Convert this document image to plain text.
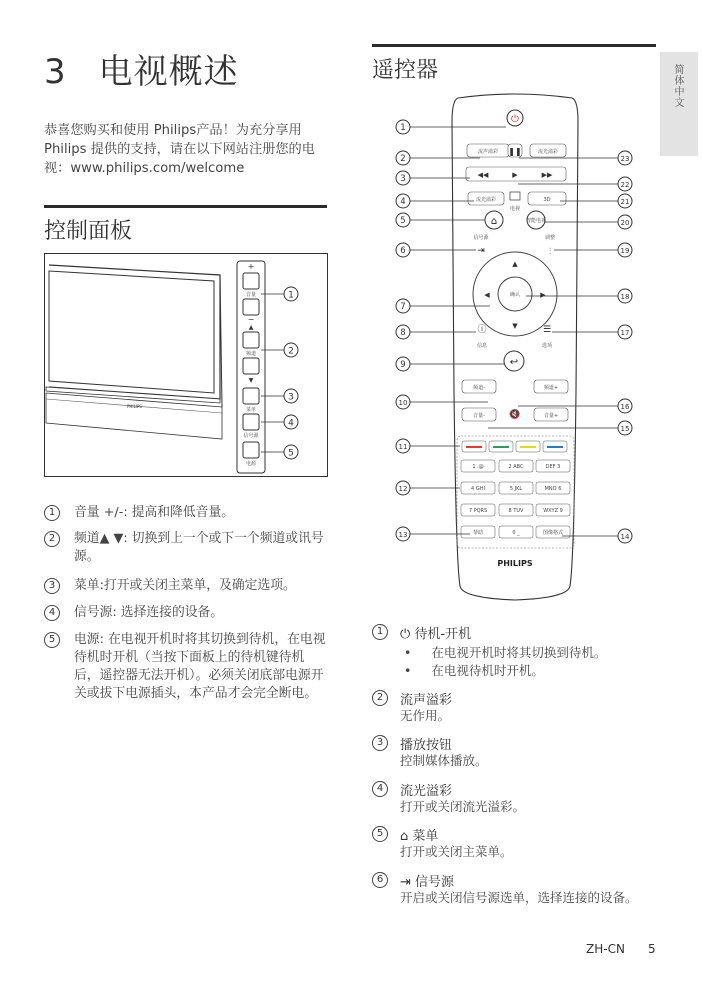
3 电视概述
恭喜您购买和使用 Philips产品！为充分享用Philips 提供的支持，请在以下网站注册您的电视：www.philips.com/welcome
简体中文
控制面板
PHILIPS
+
音量
−
▲
频道
▼
菜单
信号源
电源
1
2
3
4
5
1	音量 +/-: 提高和降低音量。
2	频道▲ ▼: 切换到上一个或下一个频道或讯号源。
3	菜单:打开或关闭主菜单，及确定选项。
4	信号源: 选择连接的设备。
5	电源: 在电视开机时将其切换到待机，在电视待机时开机（当按下面板上的待机键待机后，遥控器无法开机）。必须关闭底部电源开关或拔下电源插头，本产品才会完全断电。
遥控器
⏻
流声溢彩 ❚❚	流光溢彩
◀◀	▶	▶▶
流光溢彩
电视
3D
⌂	智能电视
信号源
⇥
调整
⫶
确认
▲
▼
◀	▶
ⓘ
信息
☰
选项
↩
频道-	频道+
🔇
音量-	音量+
1 .@	2 ABC	DEF 3
4 GHI	5 JKL	MNO 6
7 PQRS	8 TUV	WXYZ 9
帮助	0 _	图像格式
PHILIPS
1
2
3
4
5
6
7
8
9
10
11
12
13
23
22
21
20
19
18
17
16
15
14
1	⏻ 待机-开机
• 在电视开机时将其切换到待机。
• 在电视待机时开机。
2	流声溢彩
无作用。
3	播放按钮
控制媒体播放。
4	流光溢彩
打开或关闭流光溢彩。
5	⌂ 菜单
打开或关闭主菜单。
6	⇥ 信号源
开启或关闭信号源选单，选择连接的设备。
ZH-CN 5
